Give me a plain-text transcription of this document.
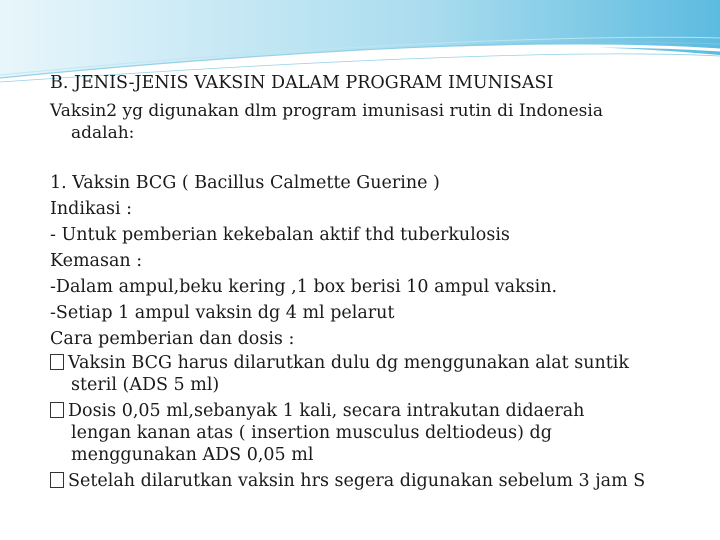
B. JENIS-JENIS VAKSIN DALAM PROGRAM IMUNISASI
Vaksin2 yg digunakan dlm program imunisasi rutin di Indonesia
adalah:
1. Vaksin BCG ( Bacillus Calmette Guerine )
Indikasi :
- Untuk pemberian kekebalan aktif thd tuberkulosis
Kemasan :
-Dalam ampul,beku kering ,1 box berisi 10 ampul vaksin.
-Setiap 1 ampul vaksin dg 4 ml pelarut
Cara pemberian dan dosis :
Vaksin BCG harus dilarutkan dulu dg menggunakan alat suntik
steril (ADS 5 ml)
Dosis 0,05 ml,sebanyak 1 kali, secara intrakutan didaerah
lengan kanan atas ( insertion musculus deltiodeus) dg
menggunakan ADS 0,05 ml
Setelah dilarutkan vaksin hrs segera digunakan sebelum 3 jam S
